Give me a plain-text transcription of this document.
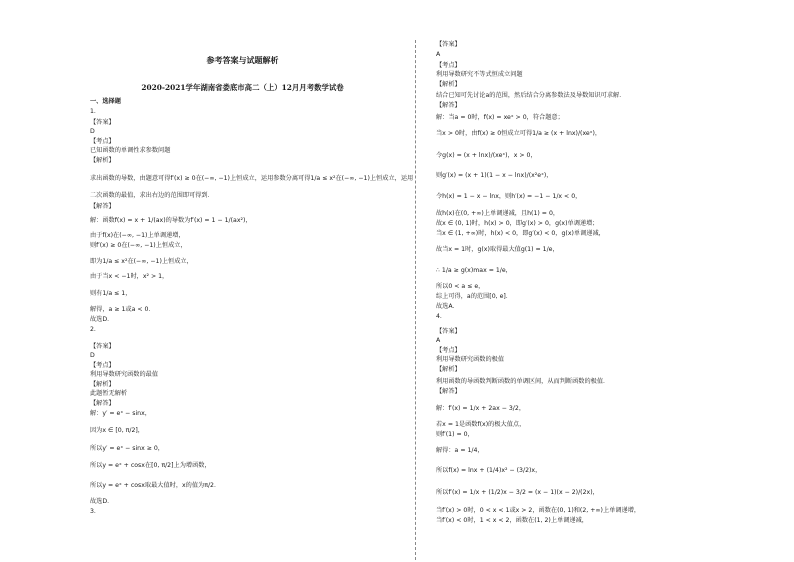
参考答案与试题解析
2020-2021学年湖南省娄底市高二（上）12月月考数学试卷
一、选择题
1.
【答案】
D
【考点】
已知函数的单调性求参数问题
【解析】
求出函数的导数，由题意可得f′(x) ≥ 0在(−∞, −1)上恒成立，运用参数分离可得1/a ≤ x²在(−∞, −1)上恒成立，运用
二次函数的最值，求出右边的范围即可得到．
【解答】
解：函数f(x) = x + 1/(ax)的导数为f′(x) = 1 − 1/(ax²)，
由于f(x)在(−∞, −1)上单调递增，
则f′(x) ≥ 0在(−∞, −1)上恒成立，
即为1/a ≤ x²在(−∞, −1)上恒成立，
由于当x < −1时，x² > 1，
则有1/a ≤ 1，
解得，a ≥ 1或a < 0．
故选D．
2.
【答案】
D
【考点】
利用导数研究函数的最值
【解析】
此题暂无解析
【解答】
解：y′ = eˣ − sinx，
因为x ∈ [0, π/2]，
所以y′ = eˣ − sinx ≥ 0，
所以y = eˣ + cosx在[0, π/2]上为增函数，
所以y = eˣ + cosx取最大值时，x的值为π/2．
故选D．
3.
【答案】
A
【考点】
利用导数研究不等式恒成立问题
【解析】
结合已知可先讨论a的范围，然后结合分离参数法及导数知识可求解．
【解答】
解：当a = 0时，f(x) = xeˣ > 0，符合题意；
当x > 0时，由f(x) ≥ 0恒成立可得1/a ≥ (x + lnx)/(xeˣ)，
令g(x) = (x + lnx)/(xeˣ)，x > 0，
则g′(x) = (x + 1)(1 − x − lnx)/(x²eˣ)，
令h(x) = 1 − x − lnx，则h′(x) = −1 − 1/x < 0，
故h(x)在(0, +∞)上单调递减，且h(1) = 0，
故x ∈ (0, 1)时，h(x) > 0，即g′(x) > 0，g(x)单调递增；
当x ∈ (1, +∞)时，h(x) < 0，即g′(x) < 0，g(x)单调递减，
故当x = 1时，g(x)取得最大值g(1) = 1/e，
∴ 1/a ≥ g(x)max = 1/e，
所以0 < a ≤ e，
综上可得，a的范围[0, e]．
故选A．
4.
【答案】
A
【考点】
利用导数研究函数的极值
【解析】
利用函数的导函数判断函数的单调区间，从而判断函数的极值．
【解答】
解：f′(x) = 1/x + 2ax − 3/2，
若x = 1是函数f(x)的极大值点，
则f′(1) = 0，
解得：a = 1/4，
所以f(x) = lnx + (1/4)x² − (3/2)x，
所以f′(x) = 1/x + (1/2)x − 3/2 = (x − 1)(x − 2)/(2x)，
当f′(x) > 0时，0 < x < 1或x > 2，函数在(0, 1)和(2, +∞)上单调递增，
当f′(x) < 0时，1 < x < 2，函数在(1, 2)上单调递减，
